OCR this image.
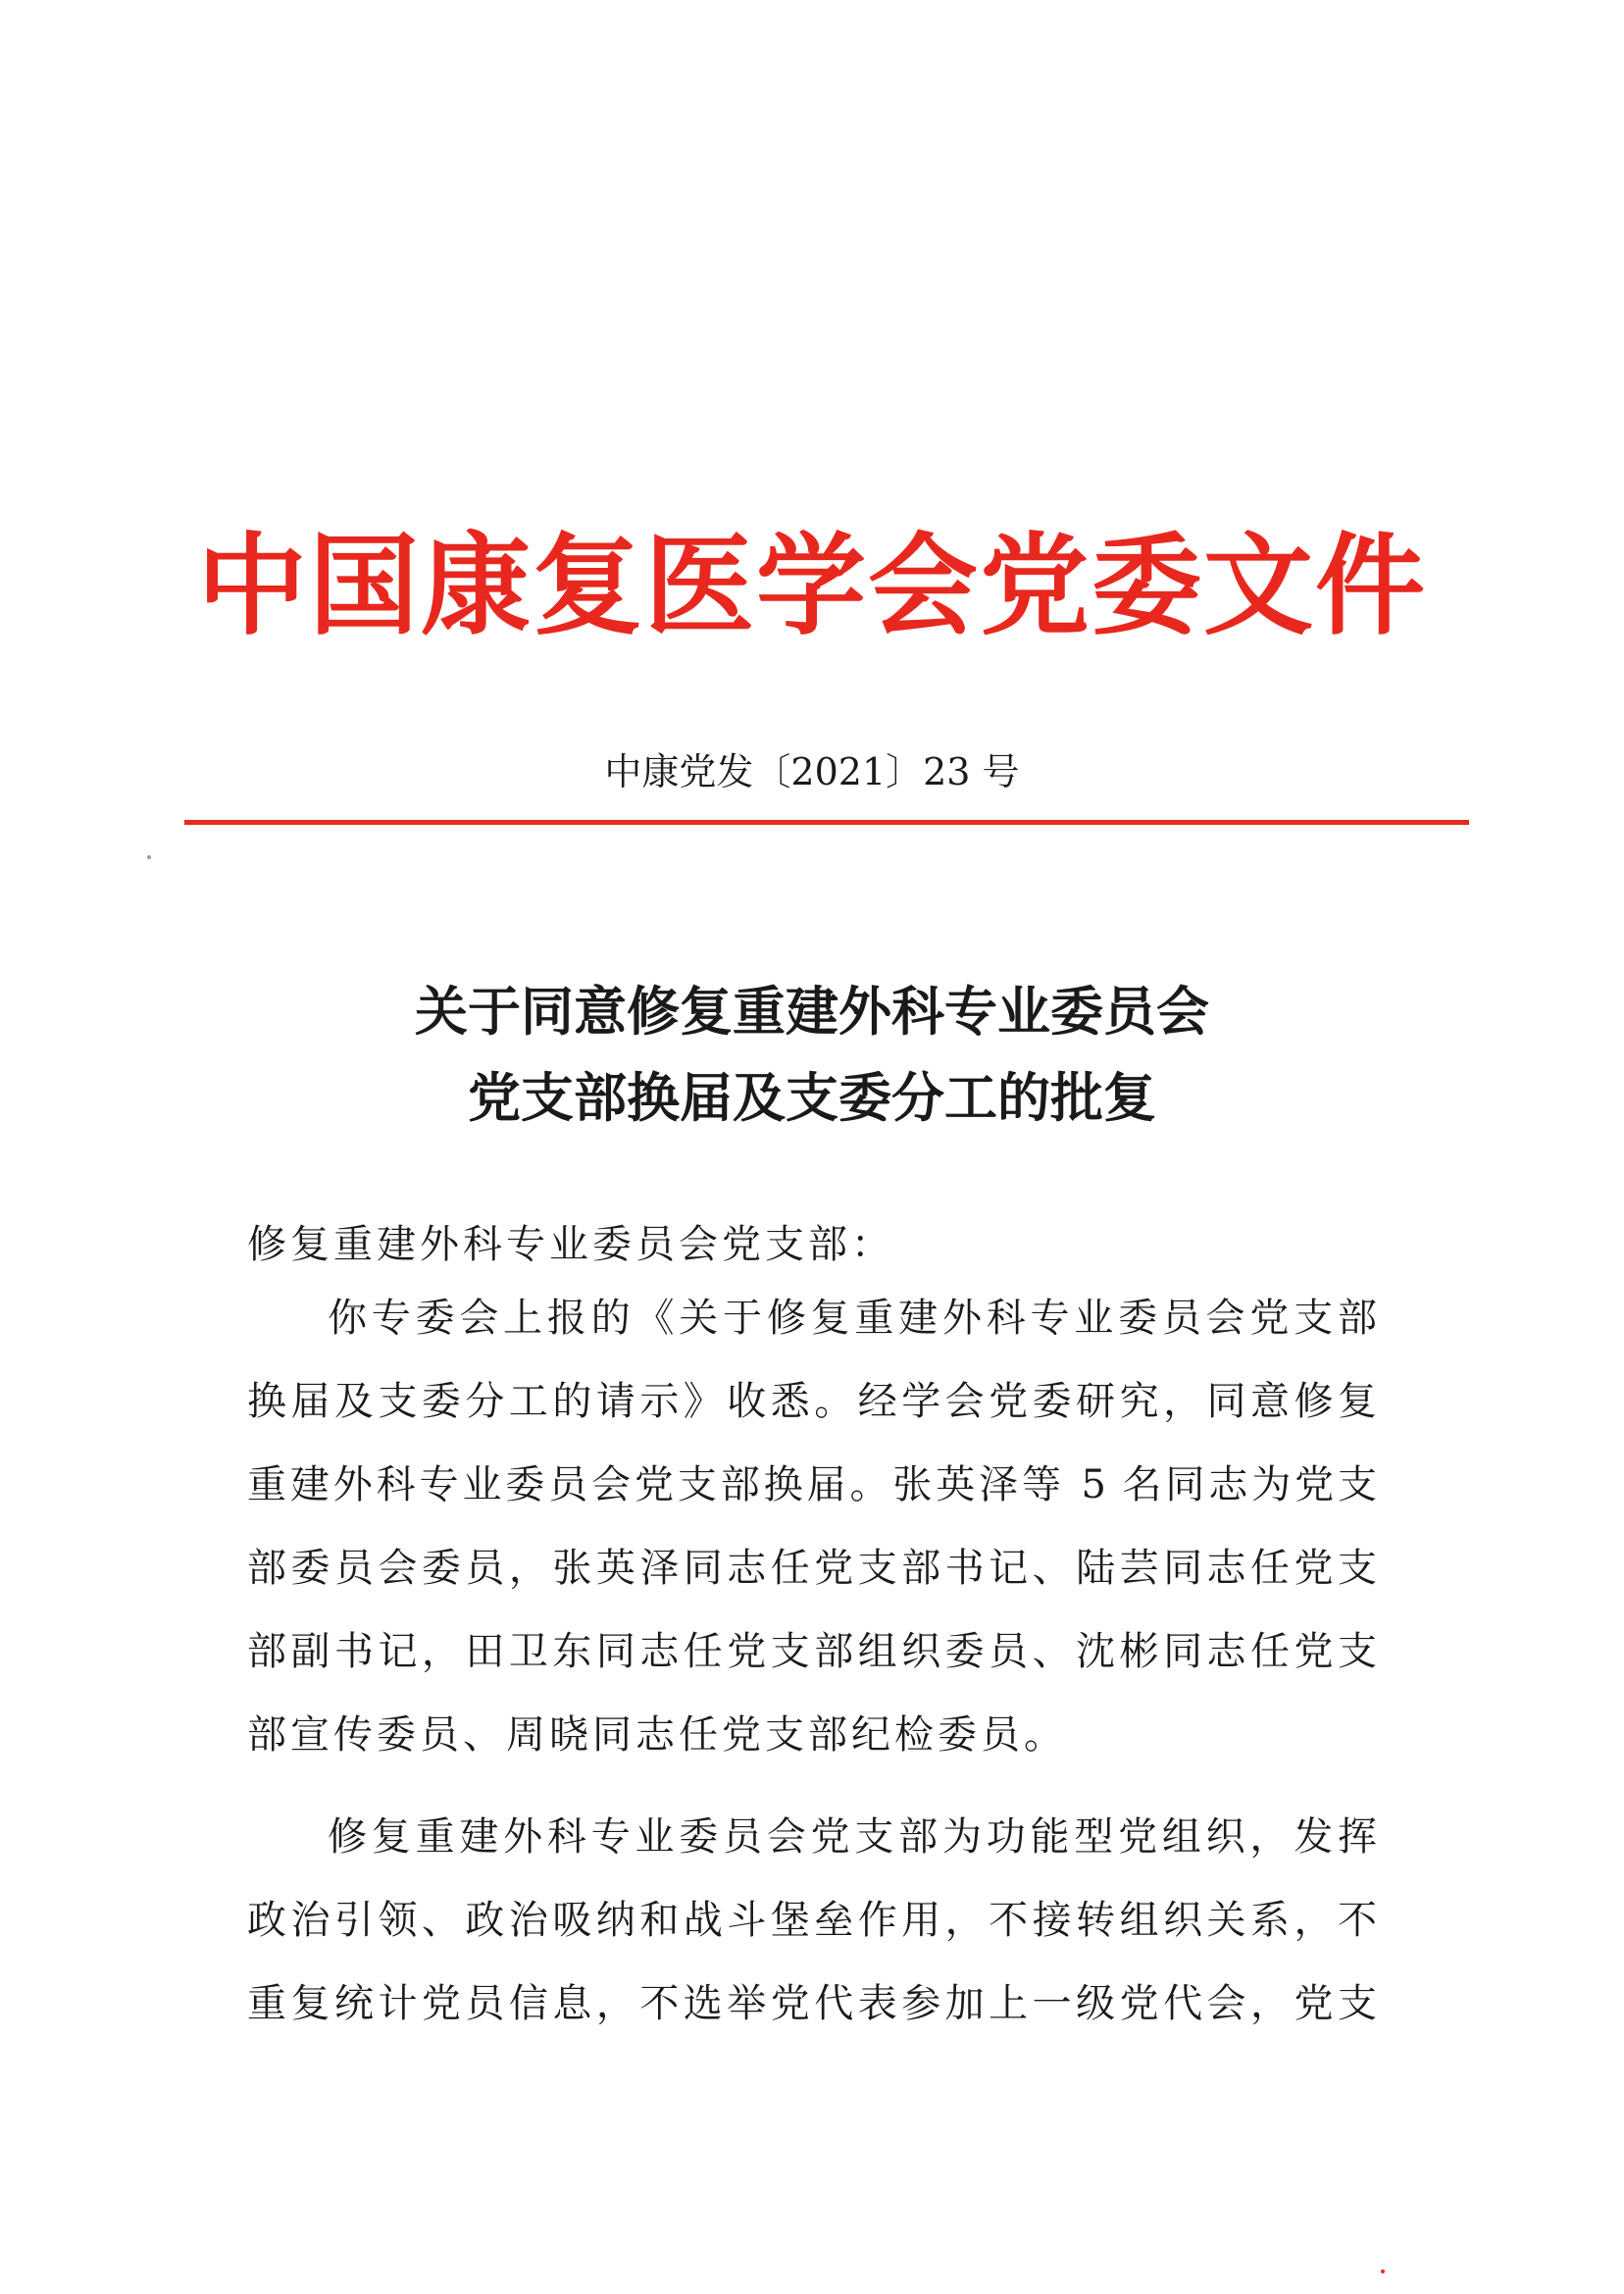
中国康复医学会党委文件
中康党发〔2021〕23 号
关于同意修复重建外科专业委员会
党支部换届及支委分工的批复
修复重建外科专业委员会党支部：
你专委会上报的《关于修复重建外科专业委员会党支部
换届及支委分工的请示》收悉。经学会党委研究，同意修复
重建外科专业委员会党支部换届。张英泽等 5 名同志为党支
部委员会委员，张英泽同志任党支部书记、陆芸同志任党支
部副书记，田卫东同志任党支部组织委员、沈彬同志任党支
部宣传委员、周晓同志任党支部纪检委员。
修复重建外科专业委员会党支部为功能型党组织，发挥
政治引领、政治吸纳和战斗堡垒作用，不接转组织关系，不
重复统计党员信息，不选举党代表参加上一级党代会，党支
